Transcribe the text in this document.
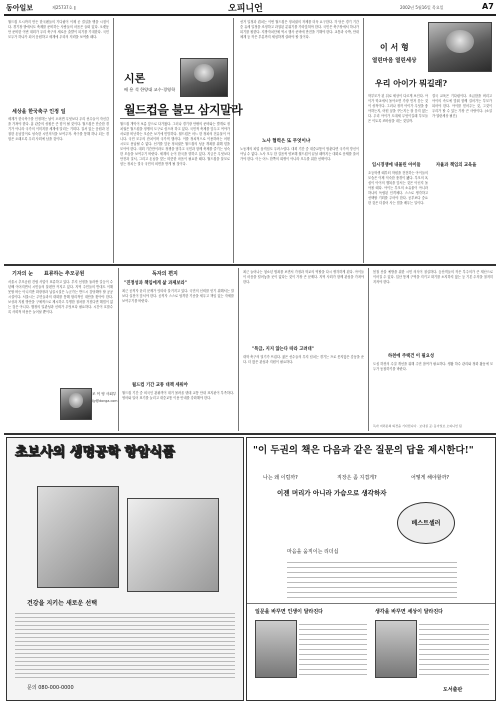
동아일보	제25737호 ∥	오피니언	2002년 5월16일 목요일	A7
월드컵 도시까지 만든 한국팬들의 기다림이 이제 곧 결실을 맺을 시점이다. 경기장 밖에서도 축제를 준비하는 사람들의 마음은 들떠 있다. 오랫동안 준비한 이번 대회가 우리 축구의 새로운 출발이 되기를 기대한다. 국민 모두가 하나가 되어 응원하고 세계에 우리의 저력을 보여줄 때다.
세상을 한국축구 인정 일
세계가 한국축구를 인정하는 날이 오려면 무엇보다 우리 선수들이 자신감을 가져야 한다. 홈 관중의 성원은 큰 힘이 될 것이다. 월드컵은 단순한 경기가 아니라 국가의 이미지를 세계에 알리는 기회다. 질서 있는 응원과 친절한 손님맞이로 성숙한 시민의식을 보여주자. 축구를 통해 하나 되는 경험은 오래도록 우리 사회에 남을 것이다.
시론
배 용 석 한양대 교수·경영학
월드컵을 불모 삼지말라
월드컵 개막이 보름 앞으로 다가왔다. 그러나 경기장 안팎의 준비와는 별개로 정치권은 월드컵을 정쟁의 도구로 삼으려 하고 있다. 국민적 축제를 앞두고 여야가 서로를 비난하는 모습은 보기에 민망하다. 월드컵은 어느 한 정파의 전유물이 아니다. 국민 모두의 잔치이며 국가적 행사다. 이를 정치적으로 이용하려는 어떤 시도도 용납될 수 없다. 선거를 앞둔 정치권은 월드컵의 성공 개최를 위해 힘을 모아야 한다. 대회 기간만이라도 정쟁을 멈추고 국민과 함께 축제를 즐기는 성숙한 모습을 보여주기 바란다. 세계의 눈이 한국을 향하고 있다. 지금은 무엇보다 안전과 질서, 그리고 손님을 맞는 따뜻한 마음이 필요한 때다. 월드컵을 불모로 삼는 정치는 결국 국민의 외면을 받게 될 것이다.
선거 일정과 겹치는 이번 월드컵은 정치권의 자제를 더욱 요구한다. 각 당은 경기 기간 중 유세 일정을 조정하고 과열된 분위기를 가라앉혀야 한다. 국민은 축구장에서 하나가 되기를 원한다. 지방자치단체 역시 행사 준비에 만전을 기해야 한다. 교통과 숙박, 안내 체계 등 작은 부분까지 세심하게 살펴야 할 것이다.
노사 협력은 또 무엇이냐
노동계의 파업 움직임도 우려스럽다. 대회 기간 중 대중교통이 멈춘다면 국가적 망신이 아닐 수 없다. 노사 모두 한 걸음씩 양보해 월드컵이 끝날 때까지는 대화로 문제를 풀어가야 한다. 이는 어느 한쪽의 희생이 아니라 모두를 위한 선택이다.
이 서 형
열린마음 열린세상
우리 아이가 뭐길래?
학부모가 된 뒤로 세상이 다르게 보인다. 아이가 학교에서 돌아오면 가장 먼저 묻는 것이 성적이다. 그러나 정작 아이가 무엇을 좋아하는지, 어떤 꿈을 꾸는지는 잘 묻지 않는다. 우리 아이가 도대체 무엇이길래 부모들은 이토록 조바심을 내는 것일까.
결국 교육은 기다림이다. 조급함을 버리고 아이의 속도에 맞춰 함께 걸어가는 부모가 되어야 한다. 아이를 믿어주는 것, 그것이 우리가 할 수 있는 가장 큰 사랑이다. (소설가·열린세상 필진)
입시경쟁에 내몰린 아이들
초등학생 때부터 학원을 전전하는 아이들의 모습은 이제 익숙한 풍경이 됐다. 부모의 욕심이 아이의 행복을 앞서는 것은 아닌지 돌아볼 때다. 아이는 부모의 소유물이 아니라 하나의 독립된 인격체다. 스스로 생각하고 선택할 기회를 주어야 한다. 공부보다 중요한 것은 더불어 사는 법을 배우는 일이다.
자율과 책임의 교육을
기자의 눈 표류하는 추모공원
서울시 추모공원 건립 사업이 표류하고 있다. 부지 선정을 둘러싼 갈등이 수년째 이어지면서 시민들의 불편만 커지고 있다. 지역 주민들의 반대도 이해 못할 바는 아니지만 화장장과 납골시설은 누군가는 반드시 감당해야 할 공공시설이다. 서울시는 주민들과의 대화를 통해 합리적인 대안을 찾아야 한다. 보상과 지원 방안을 구체적으로 제시하고 투명한 절차를 거친다면 해법이 없는 것은 아니다. 행정의 일관성과 신뢰가 무엇보다 필요하다. 시간이 흐를수록 사회적 비용은 늘어날 뿐이다.
조 이 영 사회부
ljy@donga.com
독자의 편지
"진정성과 책임에게 삶 과제보라"
최근 공직자 윤리 문제가 잇따라 불거지고 있다. 국민의 신뢰를 얻기 위해서는 말보다 실천이 앞서야 한다. 공직자 스스로 엄격한 기준을 세우고 책임 있는 자세를 보여주기를 바란다.
월드컵 기간 교통 대책 세워야
월드컵 기간 중 외국인 관광객이 대거 몰려올 텐데 교통 안내 표지판이 부족하다. 영어와 일어 표기를 늘리고 대중교통 이용 안내를 강화해야 한다.
최근 늘어나는 청소년 범죄를 보면서 가정과 학교의 역할을 다시 생각하게 된다. 아이들이 마음을 털어놓을 곳이 없다는 것이 가장 큰 문제다. 지역 사회가 함께 관심을 가져야 한다.
"특급, 지지 않는다 따라 고려대"
대학 축구의 열기가 뜨겁다. 젊은 선수들의 투지 넘치는 경기는 프로 못지않은 감동을 준다. 더 많은 관심과 지원이 필요하다.
봄철 산불 예방을 위한 시민 의식이 절실하다. 등산객들의 작은 부주의가 큰 재난으로 이어질 수 있다. 입산 통제 구역을 지키고 화기를 소지하지 않는 등 기본 수칙을 철저히 지켜야 한다.
하천에 주택건 이 필요성
도심 하천의 수질 개선을 위해 주민 참여가 필요하다. 생활 하수 관리와 정화 활동에 모두가 동참하기를 바란다.
독자 여러분의 의견을 기다립니다 · 보내실 곳: 동아일보 오피니언 팀
초보사의 생명공학 항암식품
건강을 지키는 새로운 선택
문의 080-000-0000
"이 두권의 책은 다음과 같은 질문의 답을 제시한다!"
나는 왜 이럴까?	직장은 좀 지겹게?	어떻게 해야할까?
이젠 머리가 아니라 가슴으로 생각하자
베스트셀러
마음을 움직이는 리더십
일문을 바꾸면 인생이 달라진다	생각을 바꾸면 세상이 달라진다
도서출판
